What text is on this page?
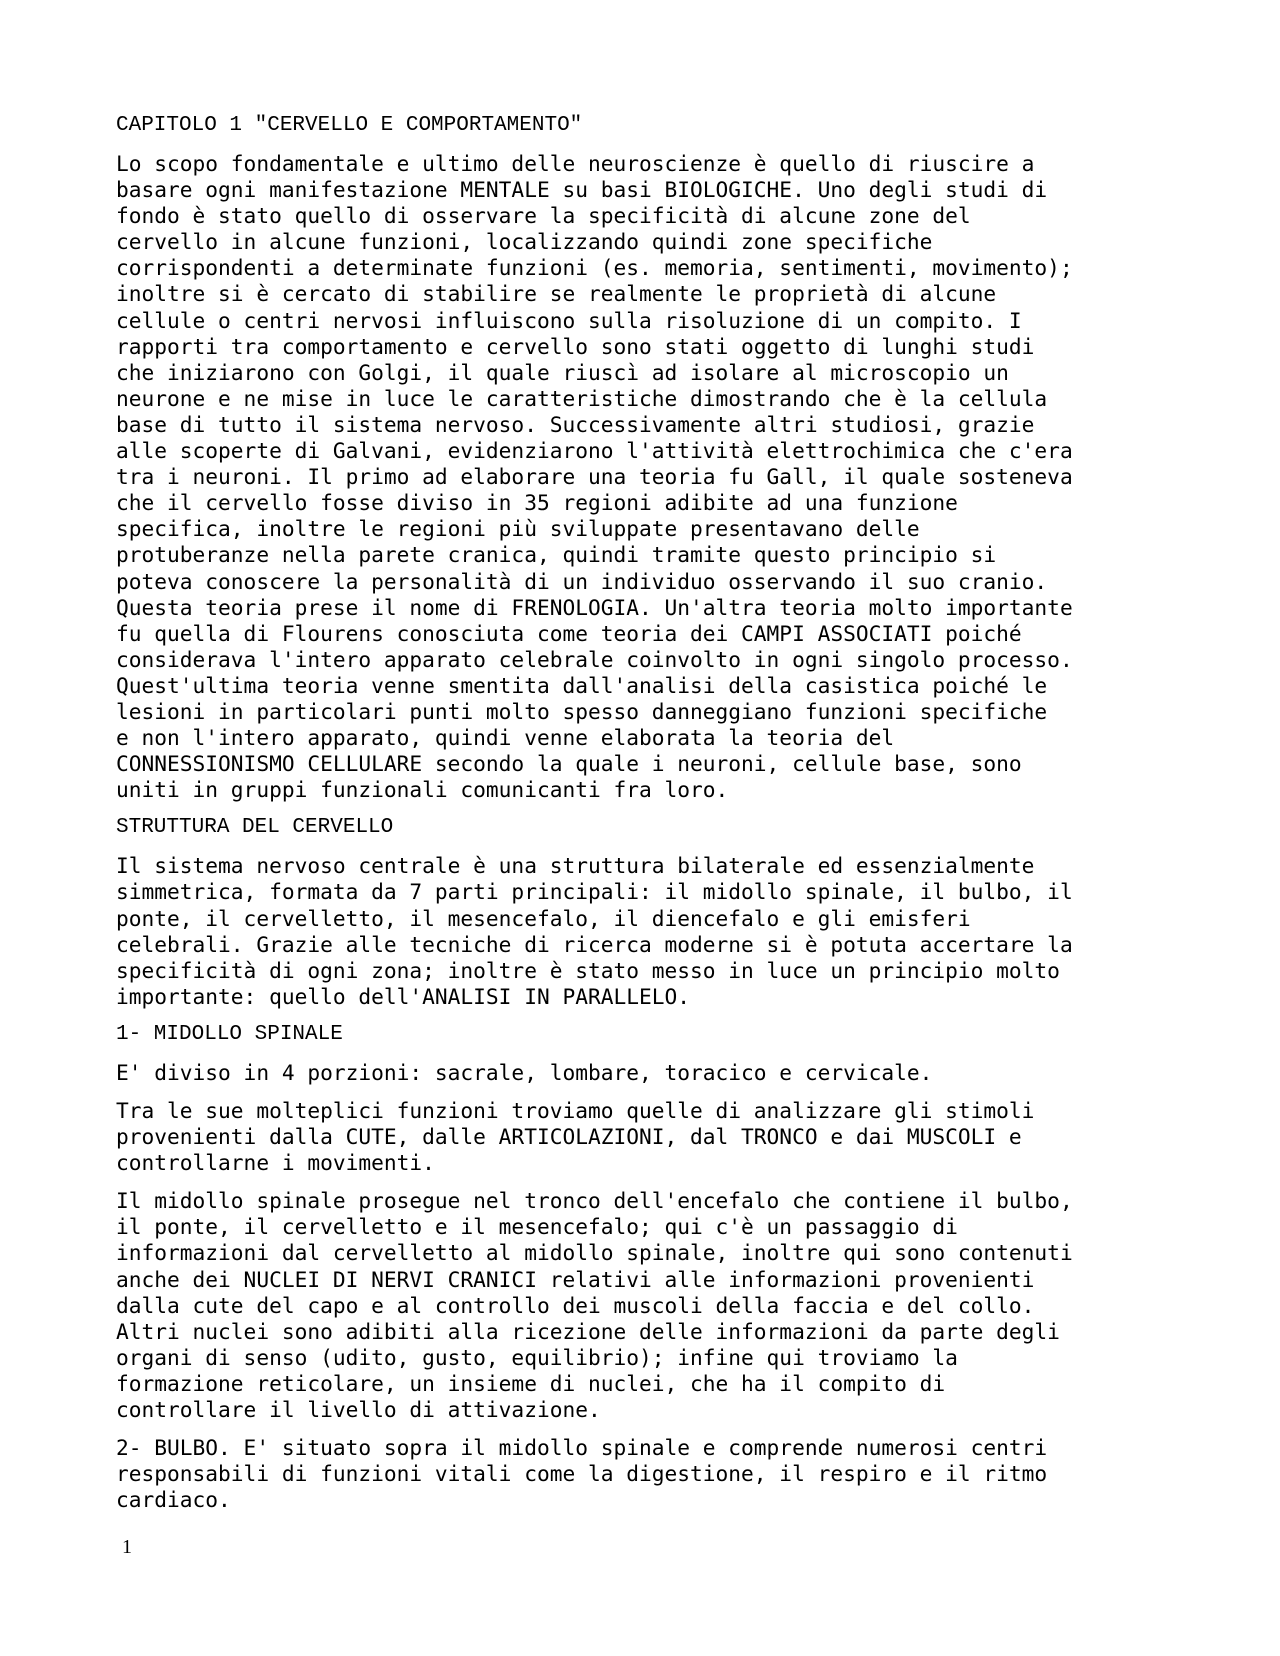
CAPITOLO 1 "CERVELLO E COMPORTAMENTO"
Lo scopo fondamentale e ultimo delle neuroscienze è quello di riuscire a
basare ogni manifestazione MENTALE su basi BIOLOGICHE. Uno degli studi di
fondo è stato quello di osservare la specificità di alcune zone del
cervello in alcune funzioni, localizzando quindi zone specifiche
corrispondenti a determinate funzioni (es. memoria, sentimenti, movimento);
inoltre si è cercato di stabilire se realmente le proprietà di alcune
cellule o centri nervosi influiscono sulla risoluzione di un compito. I
rapporti tra comportamento e cervello sono stati oggetto di lunghi studi
che iniziarono con Golgi, il quale riuscì ad isolare al microscopio un
neurone e ne mise in luce le caratteristiche dimostrando che è la cellula
base di tutto il sistema nervoso. Successivamente altri studiosi, grazie
alle scoperte di Galvani, evidenziarono l'attività elettrochimica che c'era
tra i neuroni. Il primo ad elaborare una teoria fu Gall, il quale sosteneva
che il cervello fosse diviso in 35 regioni adibite ad una funzione
specifica, inoltre le regioni più sviluppate presentavano delle
protuberanze nella parete cranica, quindi tramite questo principio si
poteva conoscere la personalità di un individuo osservando il suo cranio.
Questa teoria prese il nome di FRENOLOGIA. Un'altra teoria molto importante
fu quella di Flourens conosciuta come teoria dei CAMPI ASSOCIATI poiché
considerava l'intero apparato celebrale coinvolto in ogni singolo processo.
Quest'ultima teoria venne smentita dall'analisi della casistica poiché le
lesioni in particolari punti molto spesso danneggiano funzioni specifiche
e non l'intero apparato, quindi venne elaborata la teoria del
CONNESSIONISMO CELLULARE secondo la quale i neuroni, cellule base, sono
uniti in gruppi funzionali comunicanti fra loro.
STRUTTURA DEL CERVELLO
Il sistema nervoso centrale è una struttura bilaterale ed essenzialmente
simmetrica, formata da 7 parti principali: il midollo spinale, il bulbo, il
ponte, il cervelletto, il mesencefalo, il diencefalo e gli emisferi
celebrali. Grazie alle tecniche di ricerca moderne si è potuta accertare la
specificità di ogni zona; inoltre è stato messo in luce un principio molto
importante: quello dell'ANALISI IN PARALLELO.
1- MIDOLLO SPINALE
E' diviso in 4 porzioni: sacrale, lombare, toracico e cervicale.
Tra le sue molteplici funzioni troviamo quelle di analizzare gli stimoli
provenienti dalla CUTE, dalle ARTICOLAZIONI, dal TRONCO e dai MUSCOLI e
controllarne i movimenti.
Il midollo spinale prosegue nel tronco dell'encefalo che contiene il bulbo,
il ponte, il cervelletto e il mesencefalo; qui c'è un passaggio di
informazioni dal cervelletto al midollo spinale, inoltre qui sono contenuti
anche dei NUCLEI DI NERVI CRANICI relativi alle informazioni provenienti
dalla cute del capo e al controllo dei muscoli della faccia e del collo.
Altri nuclei sono adibiti alla ricezione delle informazioni da parte degli
organi di senso (udito, gusto, equilibrio); infine qui troviamo la
formazione reticolare, un insieme di nuclei, che ha il compito di
controllare il livello di attivazione.
2- BULBO. E' situato sopra il midollo spinale e comprende numerosi centri
responsabili di funzioni vitali come la digestione, il respiro e il ritmo
cardiaco.
1
